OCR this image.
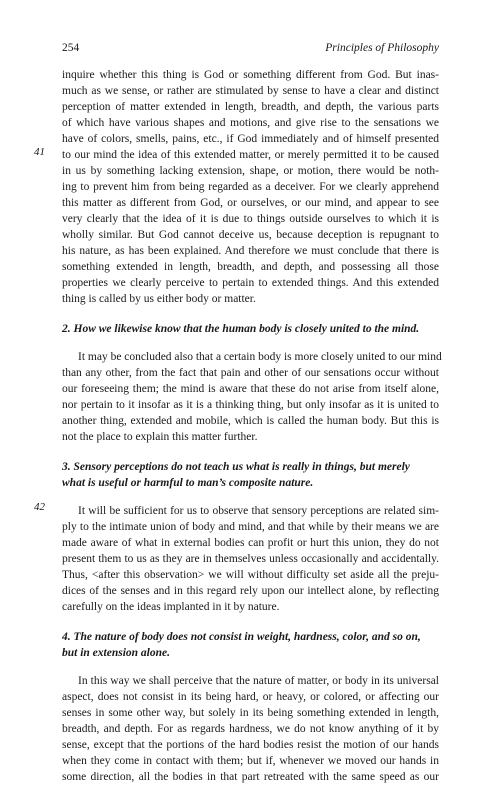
254	Principles of Philosophy
41
42
inquire whether this thing is God or something different from God. But inas-
much as we sense, or rather are stimulated by sense to have a clear and distinct
perception of matter extended in length, breadth, and depth, the various parts
of which have various shapes and motions, and give rise to the sensations we
have of colors, smells, pains, etc., if God immediately and of himself presented
to our mind the idea of this extended matter, or merely permitted it to be caused
in us by something lacking extension, shape, or motion, there would be noth-
ing to prevent him from being regarded as a deceiver. For we clearly apprehend
this matter as different from God, or ourselves, or our mind, and appear to see
very clearly that the idea of it is due to things outside ourselves to which it is
wholly similar. But God cannot deceive us, because deception is repugnant to
his nature, as has been explained. And therefore we must conclude that there is
something extended in length, breadth, and depth, and possessing all those
properties we clearly perceive to pertain to extended things. And this extended
thing is called by us either body or matter.
2. How we likewise know that the human body is closely united to the mind.
It may be concluded also that a certain body is more closely united to our mind
than any other, from the fact that pain and other of our sensations occur without
our foreseeing them; the mind is aware that these do not arise from itself alone,
nor pertain to it insofar as it is a thinking thing, but only insofar as it is united to
another thing, extended and mobile, which is called the human body. But this is
not the place to explain this matter further.
3. Sensory perceptions do not teach us what is really in things, but merely
what is useful or harmful to man’s composite nature.
It will be sufficient for us to observe that sensory perceptions are related sim-
ply to the intimate union of body and mind, and that while by their means we are
made aware of what in external bodies can profit or hurt this union, they do not
present them to us as they are in themselves unless occasionally and accidentally.
Thus, <after this observation> we will without difficulty set aside all the preju-
dices of the senses and in this regard rely upon our intellect alone, by reflecting
carefully on the ideas implanted in it by nature.
4. The nature of body does not consist in weight, hardness, color, and so on,
but in extension alone.
In this way we shall perceive that the nature of matter, or body in its universal
aspect, does not consist in its being hard, or heavy, or colored, or affecting our
senses in some other way, but solely in its being something extended in length,
breadth, and depth. For as regards hardness, we do not know anything of it by
sense, except that the portions of the hard bodies resist the motion of our hands
when they come in contact with them; but if, whenever we moved our hands in
some direction, all the bodies in that part retreated with the same speed as our
